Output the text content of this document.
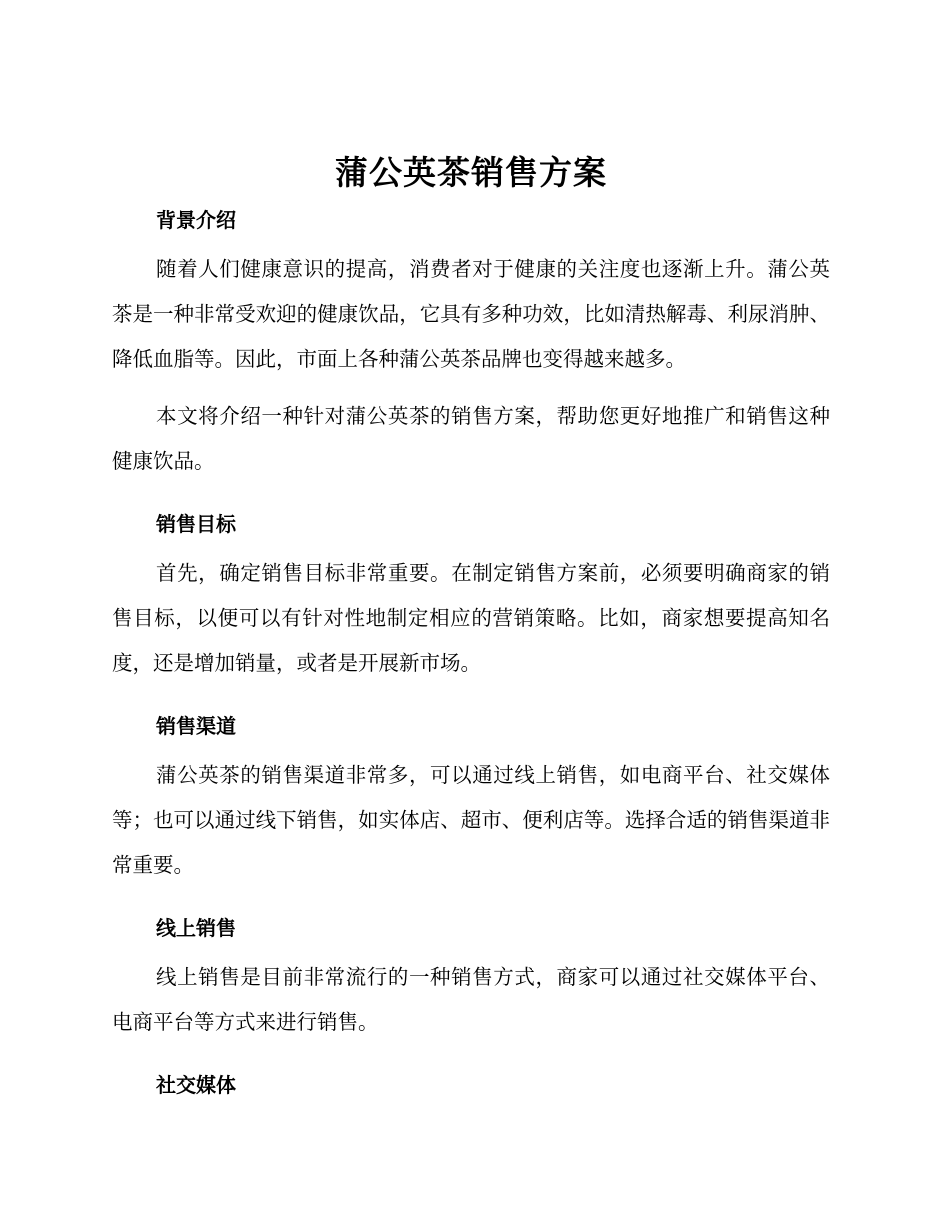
蒲公英茶销售方案
背景介绍

随着人们健康意识的提高，消费者对于健康的关注度也逐渐上升。蒲公英茶是一种非常受欢迎的健康饮品，它具有多种功效，比如清热解毒、利尿消肿、降低血脂等。因此，市面上各种蒲公英茶品牌也变得越来越多。

本文将介绍一种针对蒲公英茶的销售方案，帮助您更好地推广和销售这种健康饮品。

销售目标

首先，确定销售目标非常重要。在制定销售方案前，必须要明确商家的销售目标，以便可以有针对性地制定相应的营销策略。比如，商家想要提高知名度，还是增加销量，或者是开展新市场。

销售渠道

蒲公英茶的销售渠道非常多，可以通过线上销售，如电商平台、社交媒体等；也可以通过线下销售，如实体店、超市、便利店等。选择合适的销售渠道非常重要。

线上销售

线上销售是目前非常流行的一种销售方式，商家可以通过社交媒体平台、电商平台等方式来进行销售。

社交媒体
